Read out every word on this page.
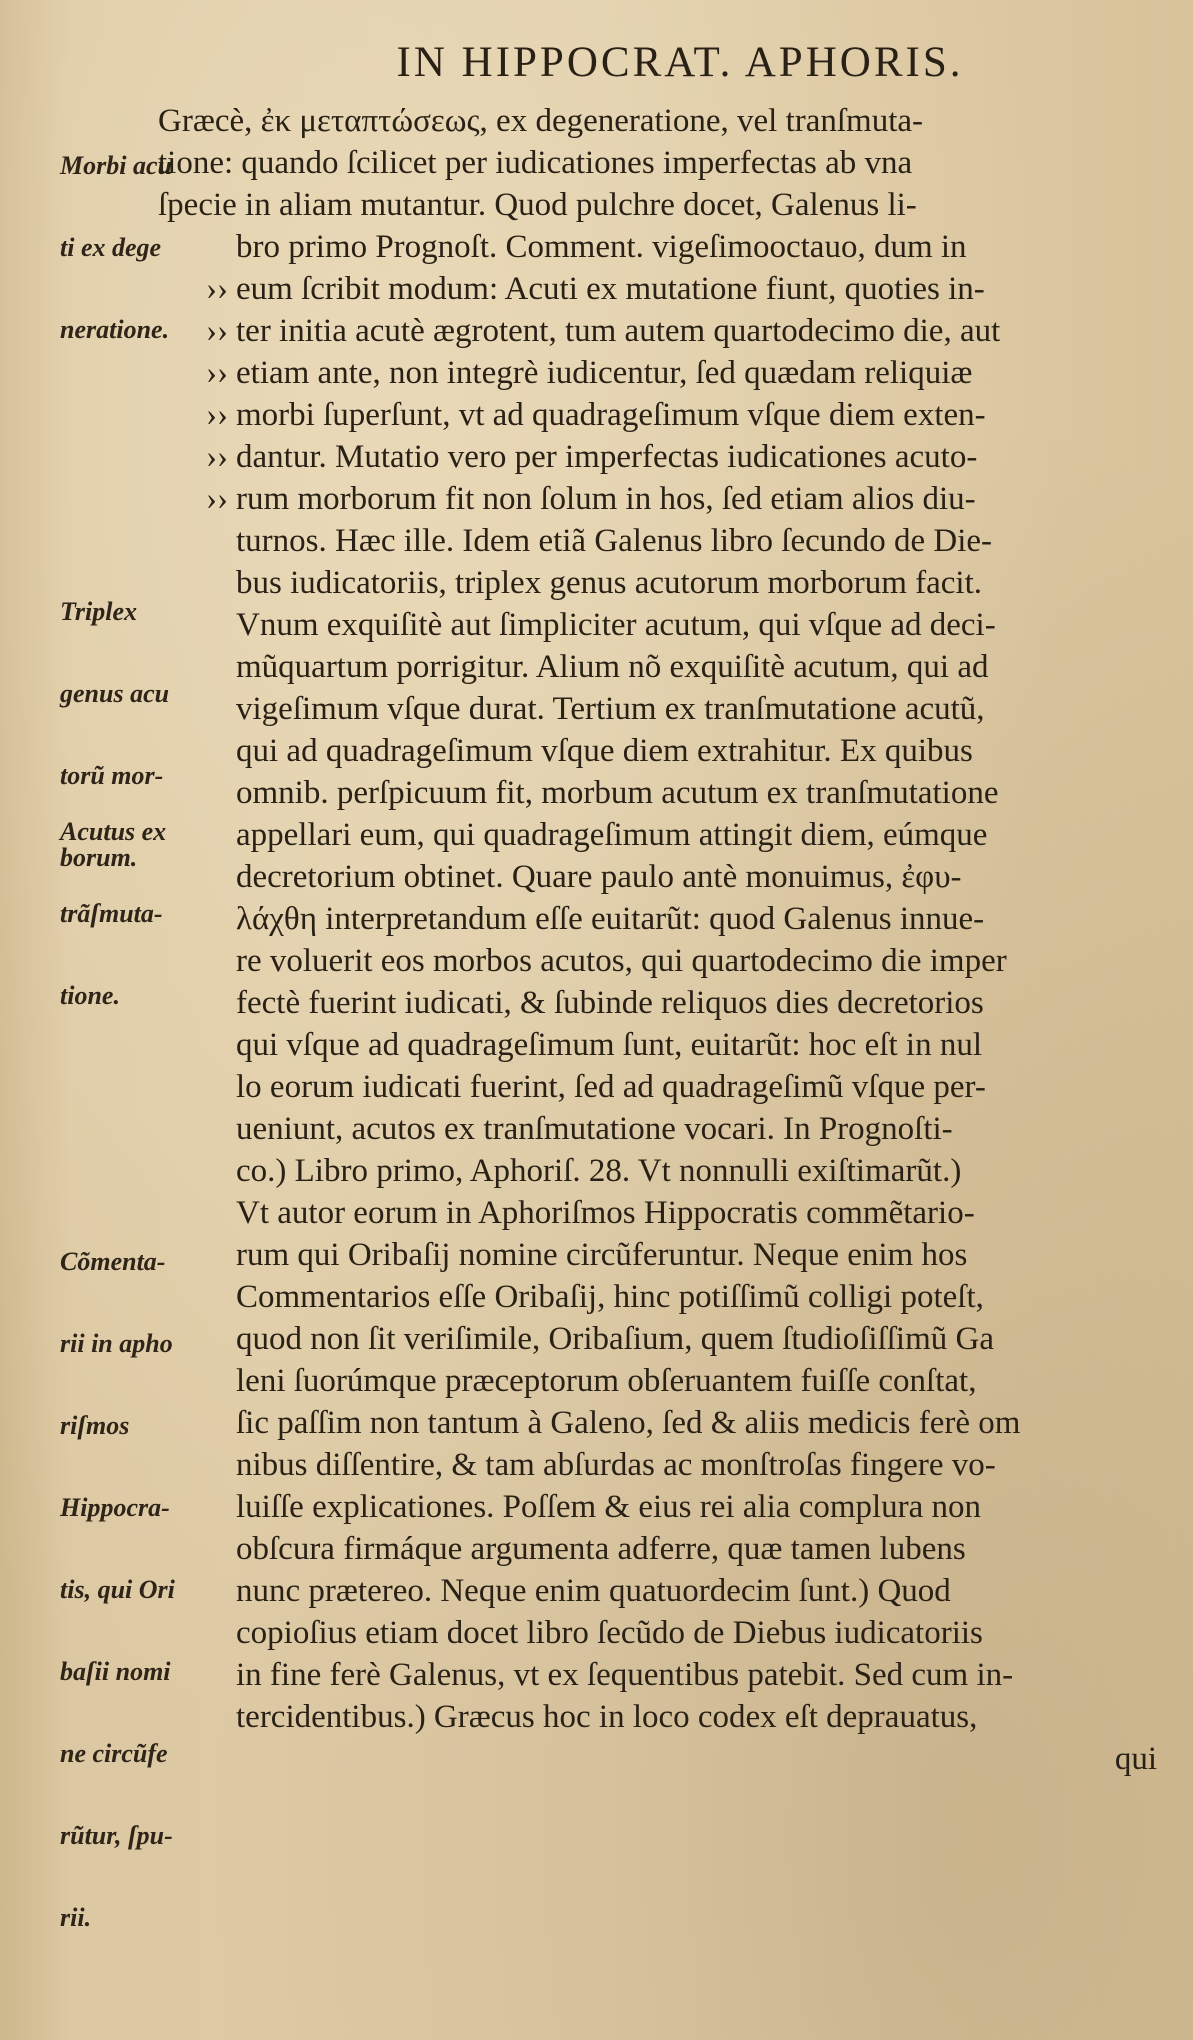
IN HIPPOCRAT. APHORIS.

Morbi acu

ti ex dege

neratione.

Triplex

genus acu

torũ mor-

borum.

Acutus ex

trãſmuta-

tione.

Cõmenta-

rii in apho

riſmos

Hippocra-

tis, qui Ori

baſii nomi

ne circũfe

rũtur, ſpu-

rii.

Græcè, ἐκ μεταπτώσεως, ex degeneratione, vel tranſmuta-
tione: quando ſcilicet per iudicationes imperfectas ab vna
ſpecie in aliam mutantur. Quod pulchre docet, Galenus li-
bro primo Prognoſt. Comment. vigeſimooctauo, dum in
›› eum ſcribit modum: Acuti ex mutatione fiunt, quoties in-
›› ter initia acutè ægrotent, tum autem quartodecimo die, aut
›› etiam ante, non integrè iudicentur, ſed quædam reliquiæ
›› morbi ſuperſunt, vt ad quadrageſimum vſque diem exten-
›› dantur. Mutatio vero per imperfectas iudicationes acuto-
›› rum morborum fit non ſolum in hos, ſed etiam alios diu-
turnos. Hæc ille. Idem etiã Galenus libro ſecundo de Die-
bus iudicatoriis, triplex genus acutorum morborum facit.
Vnum exquiſitè aut ſimpliciter acutum, qui vſque ad deci-
mũquartum porrigitur. Alium nõ exquiſitè acutum, qui ad
vigeſimum vſque durat. Tertium ex tranſmutatione acutũ,
qui ad quadrageſimum vſque diem extrahitur. Ex quibus
omnib. perſpicuum fit, morbum acutum ex tranſmutatione
appellari eum, qui quadrageſimum attingit diem, eúmque
decretorium obtinet. Quare paulo antè monuimus, ἐφυ-
λάχθη interpretandum eſſe euitarũt: quod Galenus innue-
re voluerit eos morbos acutos, qui quartodecimo die imper
fectè fuerint iudicati, & ſubinde reliquos dies decretorios
qui vſque ad quadrageſimum ſunt, euitarũt: hoc eſt in nul
lo eorum iudicati fuerint, ſed ad quadrageſimũ vſque per-
ueniunt, acutos ex tranſmutatione vocari. In Prognoſti-
co.) Libro primo, Aphoriſ. 28. Vt nonnulli exiſtimarũt.)
Vt autor eorum in Aphoriſmos Hippocratis commẽtario-
rum qui Oribaſij nomine circũferuntur. Neque enim hos
Commentarios eſſe Oribaſij, hinc potiſſimũ colligi poteſt,
quod non ſit veriſimile, Oribaſium, quem ſtudioſiſſimũ Ga
leni ſuorúmque præceptorum obſeruantem fuiſſe conſtat,
ſic paſſim non tantum à Galeno, ſed & aliis medicis ferè om
nibus diſſentire, & tam abſurdas ac monſtroſas fingere vo-
luiſſe explicationes. Poſſem & eius rei alia complura non
obſcura firmáque argumenta adferre, quæ tamen lubens
nunc prætereo. Neque enim quatuordecim ſunt.) Quod
copioſius etiam docet libro ſecũdo de Diebus iudicatoriis
in fine ferè Galenus, vt ex ſequentibus patebit. Sed cum in-
tercidentibus.) Græcus hoc in loco codex eſt deprauatus,
qui
